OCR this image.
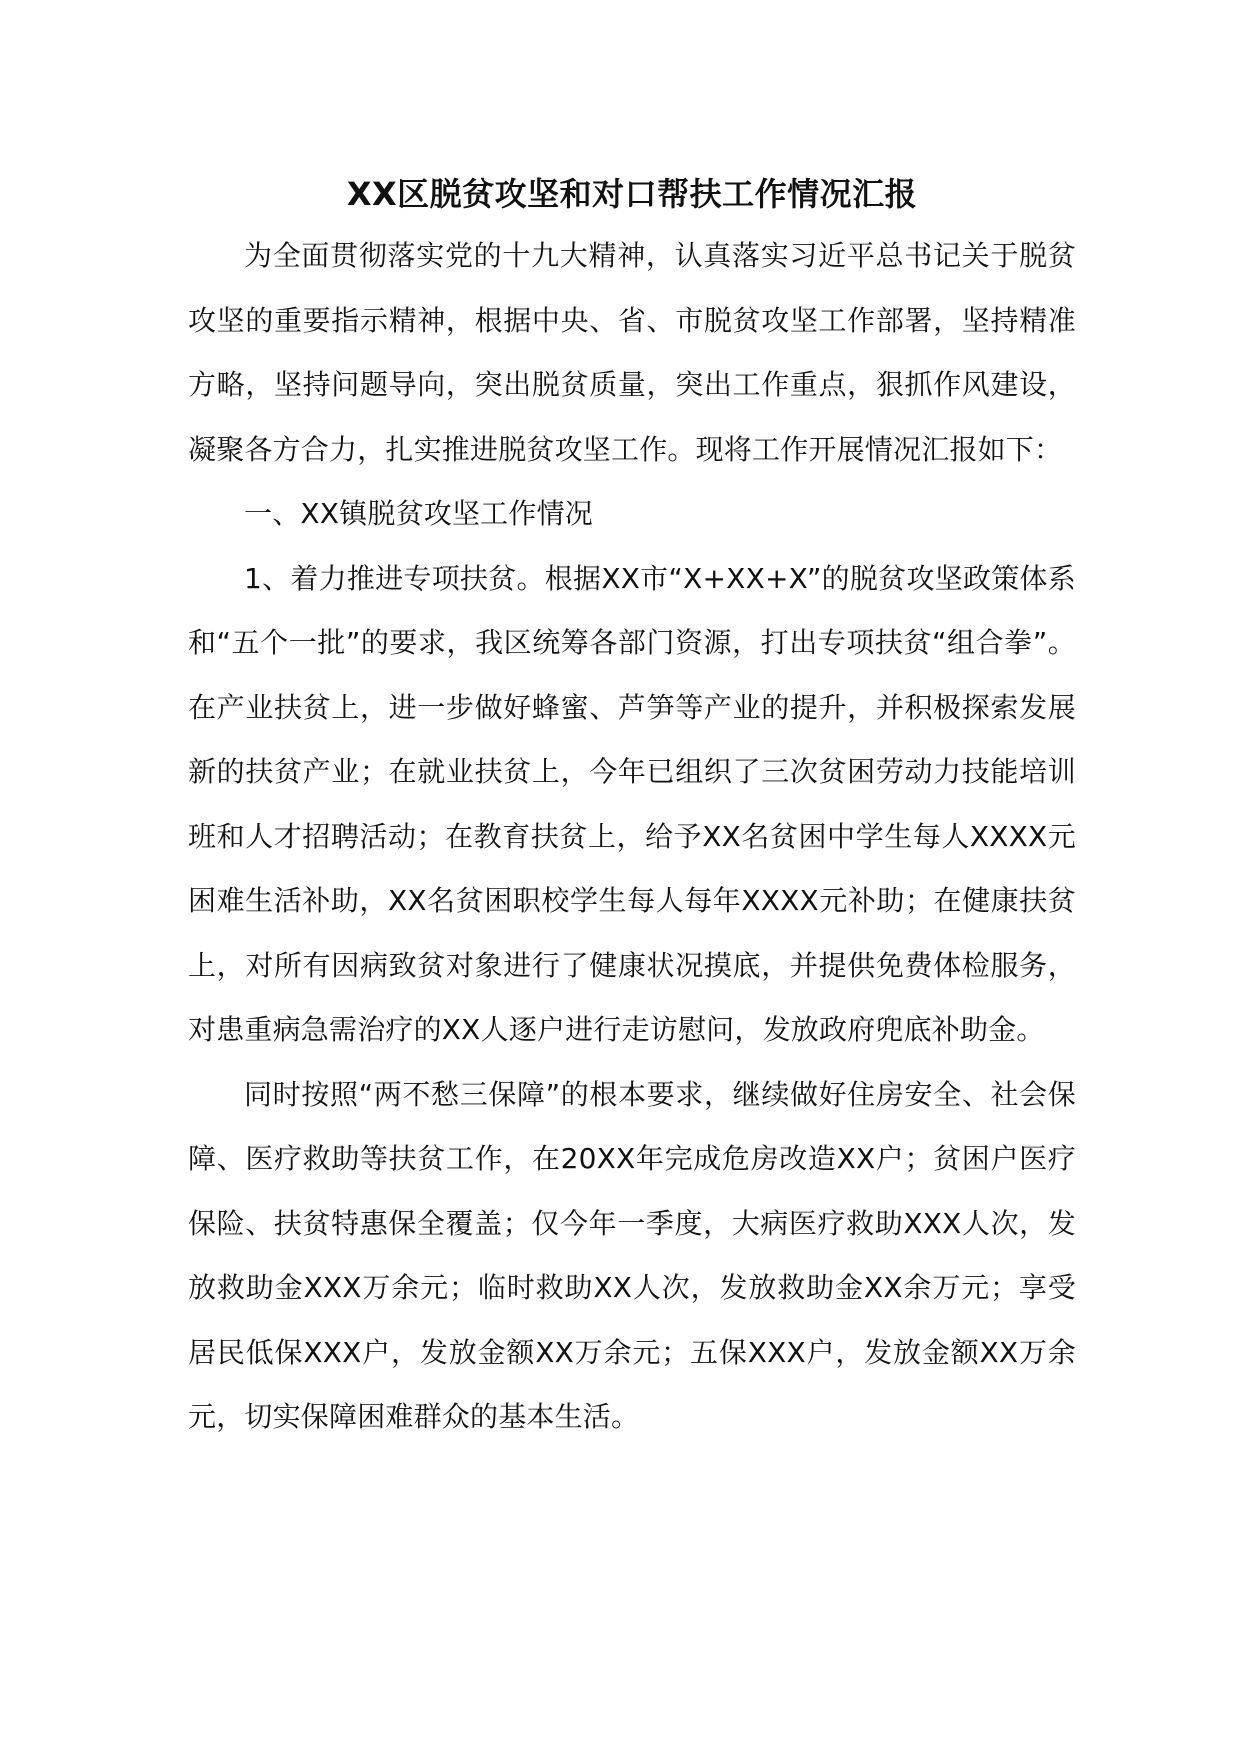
XX区脱贫攻坚和对口帮扶工作情况汇报

为全面贯彻落实党的十九大精神，认真落实习近平总书记关于脱贫攻坚的重要指示精神，根据中央、省、市脱贫攻坚工作部署，坚持精准方略，坚持问题导向，突出脱贫质量，突出工作重点，狠抓作风建设，凝聚各方合力，扎实推进脱贫攻坚工作。现将工作开展情况汇报如下：

一、XX镇脱贫攻坚工作情况

1、着力推进专项扶贫。根据XX市“X+XX+X”的脱贫攻坚政策体系和“五个一批”的要求，我区统筹各部门资源，打出专项扶贫“组合拳”。在产业扶贫上，进一步做好蜂蜜、芦笋等产业的提升，并积极探索发展新的扶贫产业；在就业扶贫上，今年已组织了三次贫困劳动力技能培训班和人才招聘活动；在教育扶贫上，给予XX名贫困中学生每人XXXX元困难生活补助，XX名贫困职校学生每人每年XXXX元补助；在健康扶贫上，对所有因病致贫对象进行了健康状况摸底，并提供免费体检服务，对患重病急需治疗的XX人逐户进行走访慰问，发放政府兜底补助金。

同时按照“两不愁三保障”的根本要求，继续做好住房安全、社会保障、医疗救助等扶贫工作，在20XX年完成危房改造XX户；贫困户医疗保险、扶贫特惠保全覆盖；仅今年一季度，大病医疗救助XXX人次，发放救助金XXX万余元；临时救助XX人次，发放救助金XX余万元；享受居民低保XXX户，发放金额XX万余元；五保XXX户，发放金额XX万余元，切实保障困难群众的基本生活。
